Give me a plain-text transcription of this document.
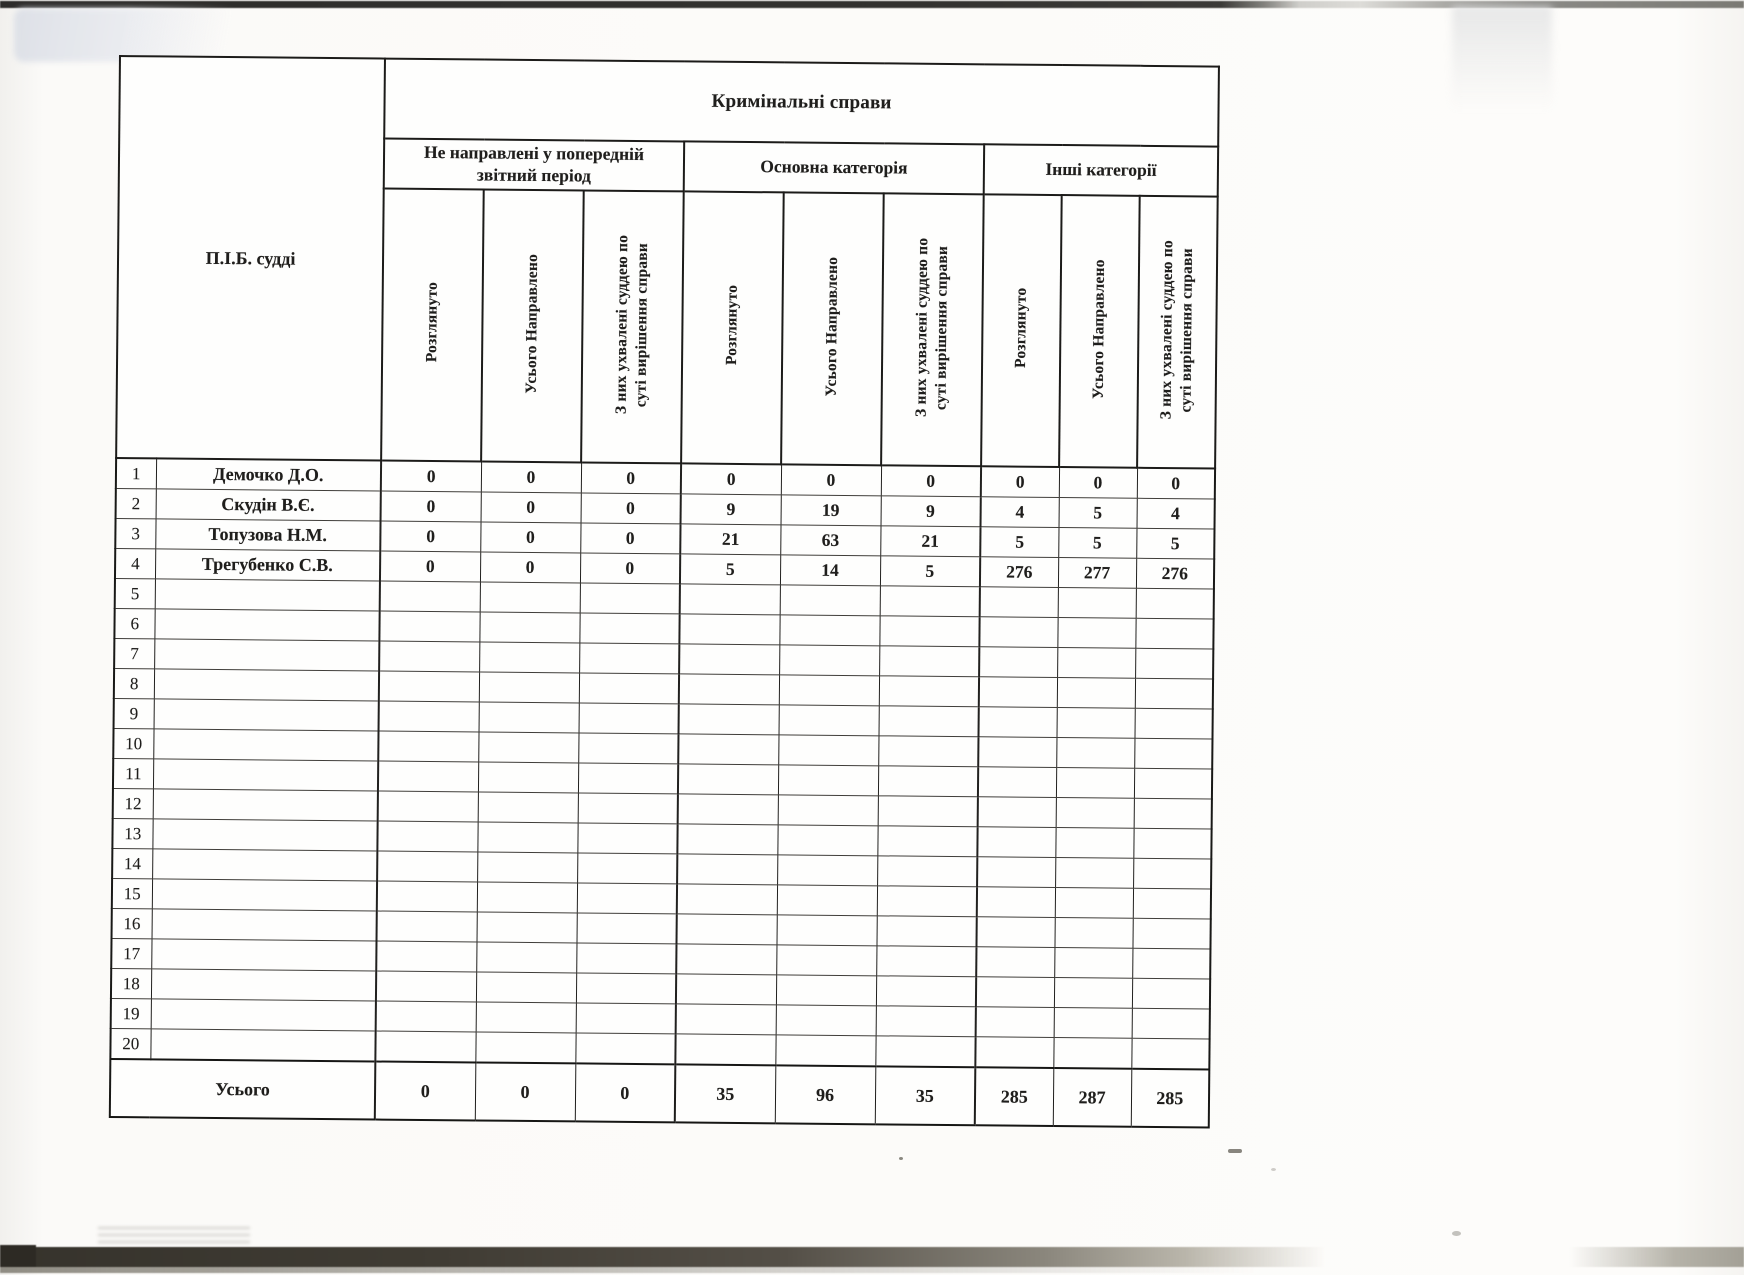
П.І.Б. судді		Кримінальні справи								
		Не направлені у попередній
звітний період			Основна категорія			Інші категорії		
		Розглянуто	Усього Направлено	З них ухвалені суддею по
суті вирішення справи	Розглянуто	Усього Направлено	З них ухвалені суддею по
суті вирішення справи	Розглянуто	Усього Направлено	З них ухвалені суддею по
суті вирішення справи
1	Демочко Д.О.	0	0	0	0	0	0	0	0	0
2	Скудін В.Є.	0	0	0	9	19	9	4	5	4
3	Топузова Н.М.	0	0	0	21	63	21	5	5	5
4	Трегубенко С.В.	0	0	0	5	14	5	276	277	276
5										
6										
7										
8										
9										
10										
11										
12										
13										
14										
15										
16										
17										
18										
19										
20										
Усього		0	0	0	35	96	35	285	287	285
